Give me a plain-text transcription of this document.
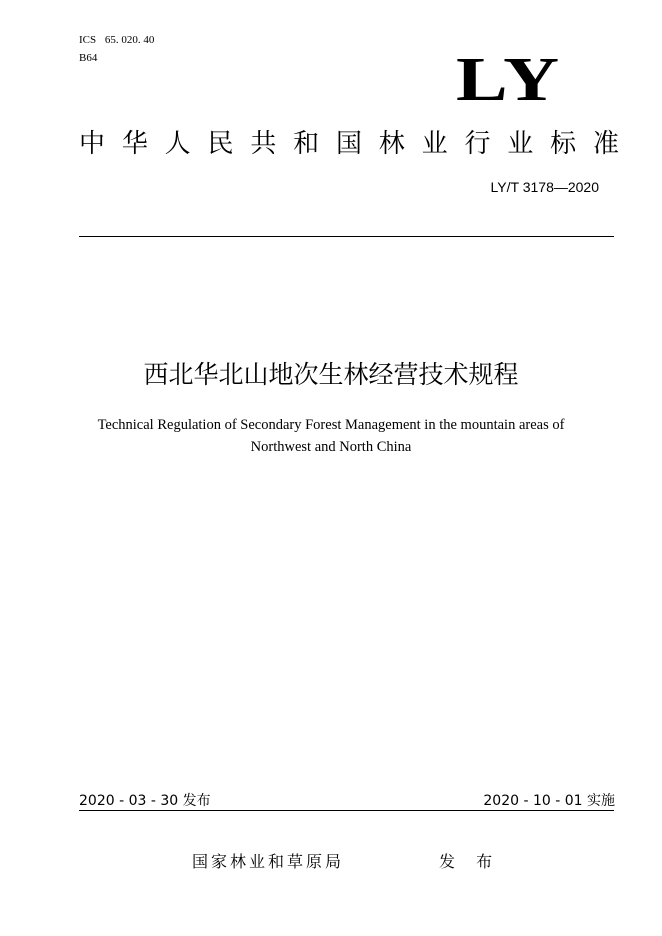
ICS 65. 020. 40
B64	LY
中 华 人 民 共 和 国 林 业 行 业 标 准
LY/T 3178—2020
西北华北山地次生林经营技术规程
Technical Regulation of Secondary Forest Management in the mountain areas of
Northwest and North China
2020 - 03 - 30 发布	2020 - 10 - 01 实施
国家林业和草原局	发 布
